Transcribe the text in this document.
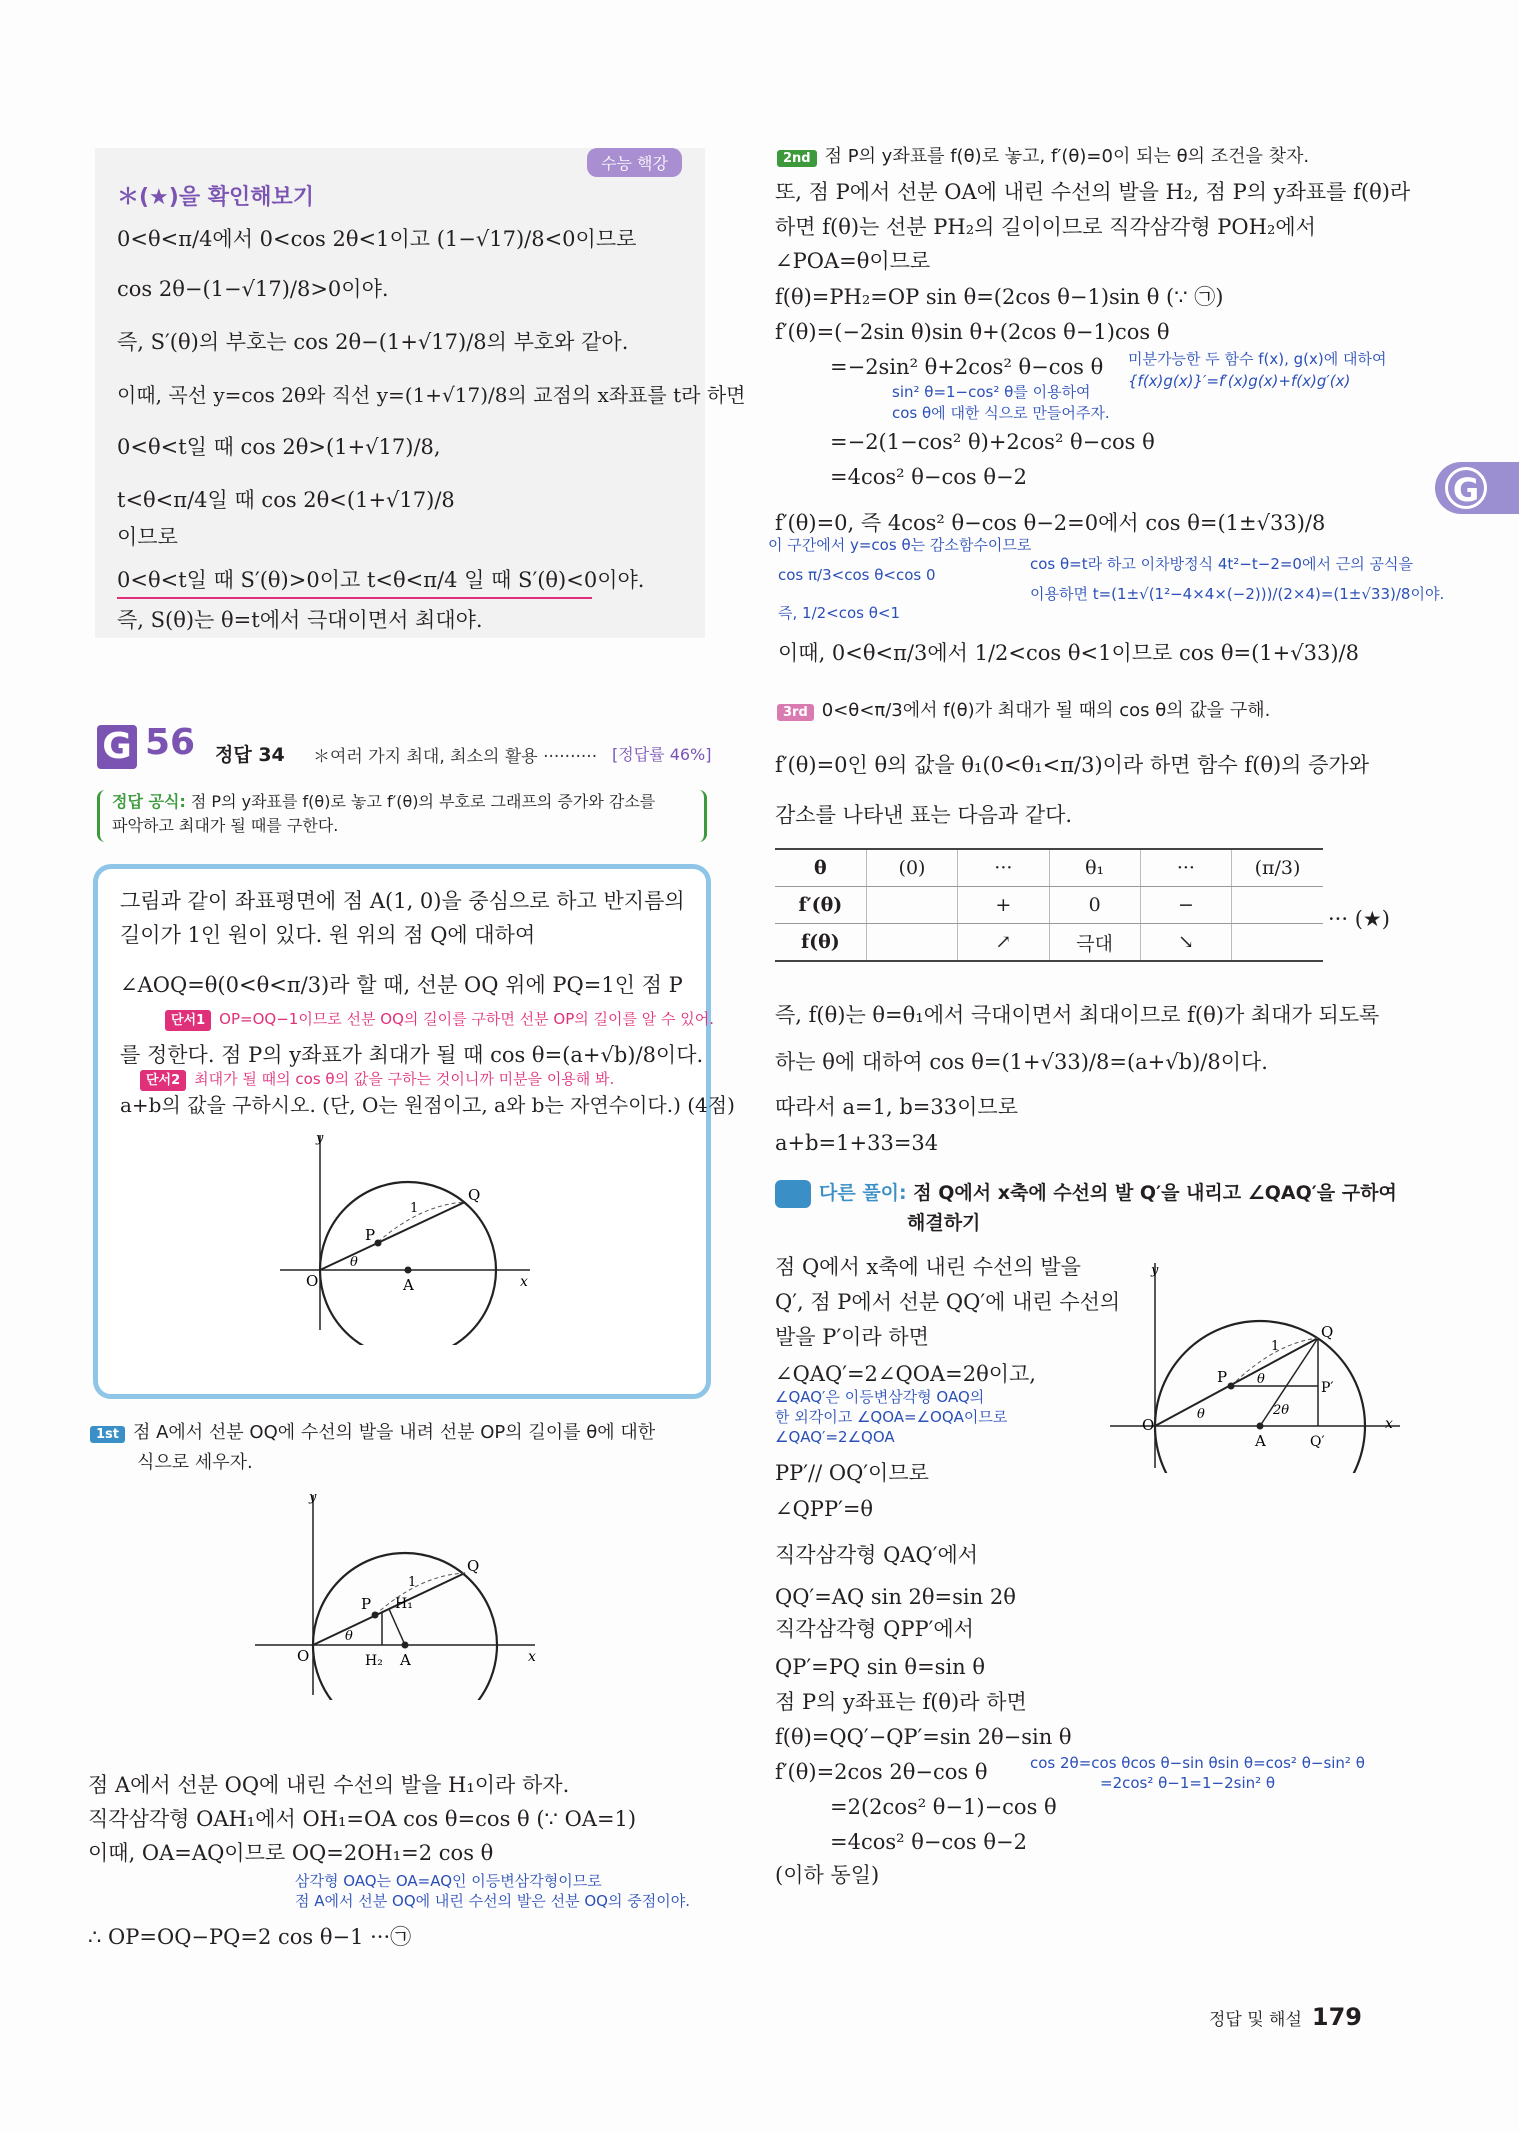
G
수능 핵강
＊(★)을 확인해보기
0<θ<π/4에서 0<cos 2θ<1이고 (1−√17)/8<0이므로
cos 2θ−(1−√17)/8>0이야.
즉, S′(θ)의 부호는 cos 2θ−(1+√17)/8의 부호와 같아.
이때, 곡선 y=cos 2θ와 직선 y=(1+√17)/8의 교점의 x좌표를 t라 하면
0<θ<t일 때 cos 2θ>(1+√17)/8,
t<θ<π/4일 때 cos 2θ<(1+√17)/8
이므로
0<θ<t일 때 S′(θ)>0이고 t<θ<π/4 일 때 S′(θ)<0이야.
즉, S(θ)는 θ=t에서 극대이면서 최대야.
G 56 정답 34 ＊여러 가지 최대, 최소의 활용 ·········· [정답률 46%]
정답 공식: 점 P의 y좌표를 f(θ)로 놓고 f′(θ)의 부호로 그래프의 증가와 감소를
파악하고 최대가 될 때를 구한다.
그림과 같이 좌표평면에 점 A(1, 0)을 중심으로 하고 반지름의
길이가 1인 원이 있다. 원 위의 점 Q에 대하여
∠AOQ=θ(0<θ<π/3)라 할 때, 선분 OQ 위에 PQ=1인 점 P
단서1 OP=OQ−1이므로 선분 OQ의 길이를 구하면 선분 OP의 길이를 알 수 있어.
를 정한다. 점 P의 y좌표가 최대가 될 때 cos θ=(a+√b)/8이다.
단서2 최대가 될 때의 cos θ의 값을 구하는 것이니까 미분을 이용해 봐.
a+b의 값을 구하시오. (단, O는 원점이고, a와 b는 자연수이다.) (4점)
y
x
O	A
P
Q
1
θ
1st 점 A에서 선분 OQ에 수선의 발을 내려 선분 OP의 길이를 θ에 대한
식으로 세우자.
y
x
O	A
P
Q
1
θ
H₁
H₂
점 A에서 선분 OQ에 내린 수선의 발을 H₁이라 하자.
직각삼각형 OAH₁에서 OH₁=OA cos θ=cos θ (∵ OA=1)
이때, OA=AQ이므로 OQ=2OH₁=2 cos θ
삼각형 OAQ는 OA=AQ인 이등변삼각형이므로
점 A에서 선분 OQ에 내린 수선의 발은 선분 OQ의 중점이야.
∴ OP=OQ−PQ=2 cos θ−1 ···㉠
2nd 점 P의 y좌표를 f(θ)로 놓고, f′(θ)=0이 되는 θ의 조건을 찾자.
또, 점 P에서 선분 OA에 내린 수선의 발을 H₂, 점 P의 y좌표를 f(θ)라
하면 f(θ)는 선분 PH₂의 길이이므로 직각삼각형 POH₂에서
∠POA=θ이므로
f(θ)=PH₂=OP sin θ=(2cos θ−1)sin θ (∵ ㉠)
f′(θ)=(−2sin θ)sin θ+(2cos θ−1)cos θ
=−2sin² θ+2cos² θ−cos θ 미분가능한 두 함수 f(x), g(x)에 대하여
{f(x)g(x)}′=f′(x)g(x)+f(x)g′(x)
sin² θ=1−cos² θ를 이용하여
cos θ에 대한 식으로 만들어주자.
=−2(1−cos² θ)+2cos² θ−cos θ
=4cos² θ−cos θ−2
f′(θ)=0, 즉 4cos² θ−cos θ−2=0에서 cos θ=(1±√33)/8
이 구간에서 y=cos θ는 감소함수이므로
cos π/3<cos θ<cos 0
즉, 1/2<cos θ<1
cos θ=t라 하고 이차방정식 4t²−t−2=0에서 근의 공식을
이용하면 t=(1±√(1²−4×4×(−2)))/(2×4)=(1±√33)/8이야.
이때, 0<θ<π/3에서 1/2<cos θ<1이므로 cos θ=(1+√33)/8
3rd 0<θ<π/3에서 f(θ)가 최대가 될 때의 cos θ의 값을 구해.
f′(θ)=0인 θ의 값을 θ₁(0<θ₁<π/3)이라 하면 함수 f(θ)의 증가와
감소를 나타낸 표는 다음과 같다.
θ	(0)	···	θ₁	···	(π/3)
f′(θ)		+	0	−	
f(θ)		↗	극대	↘	
··· (★)
즉, f(θ)는 θ=θ₁에서 극대이면서 최대이므로 f(θ)가 최대가 되도록
하는 θ에 대하여 cos θ=(1+√33)/8=(a+√b)/8이다.
따라서 a=1, b=33이므로
a+b=1+33=34
다른 풀이: 점 Q에서 x축에 수선의 발 Q′을 내리고 ∠QAQ′을 구하여
해결하기
점 Q에서 x축에 내린 수선의 발을
Q′, 점 P에서 선분 QQ′에 내린 수선의
발을 P′이라 하면
∠QAQ′=2∠QOA=2θ이고,
∠QAQ′은 이등변삼각형 OAQ의
한 외각이고 ∠QOA=∠OQA이므로
∠QAQ′=2∠QOA
PP′// OQ′이므로
∠QPP′=θ
직각삼각형 QAQ′에서
QQ′=AQ sin 2θ=sin 2θ
직각삼각형 QPP′에서
QP′=PQ sin θ=sin θ
점 P의 y좌표는 f(θ)라 하면
f(θ)=QQ′−QP′=sin 2θ−sin θ
f′(θ)=2cos 2θ−cos θ	cos 2θ=cos θcos θ−sin θsin θ=cos² θ−sin² θ
=2cos² θ−1=1−2sin² θ
=2(2cos² θ−1)−cos θ
=4cos² θ−cos θ−2
(이하 동일)
y
x
O
A
P
Q
1
θ
θ
2θ
P′
Q′
정답 및 해설 179
